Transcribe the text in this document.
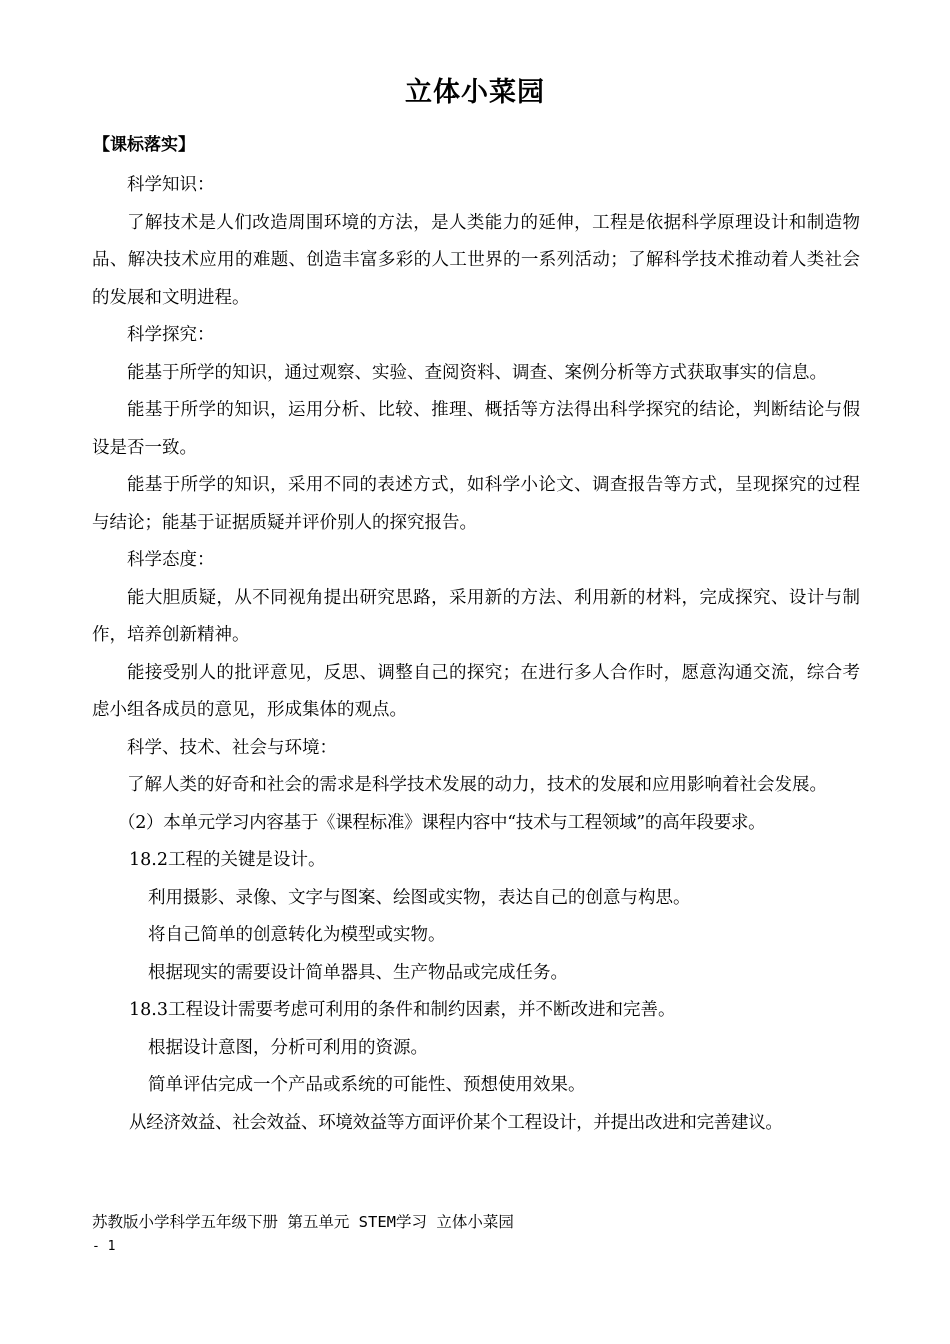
立体小菜园
【课标落实】

科学知识：

了解技术是人们改造周围环境的方法，是人类能力的延伸，工程是依据科学原理设计和制造物品、解决技术应用的难题、创造丰富多彩的人工世界的一系列活动；了解科学技术推动着人类社会的发展和文明进程。

科学探究：

能基于所学的知识，通过观察、实验、查阅资料、调查、案例分析等方式获取事实的信息。

能基于所学的知识，运用分析、比较、推理、概括等方法得出科学探究的结论，判断结论与假设是否一致。

能基于所学的知识，采用不同的表述方式，如科学小论文、调查报告等方式，呈现探究的过程与结论；能基于证据质疑并评价别人的探究报告。

科学态度：

能大胆质疑，从不同视角提出研究思路，采用新的方法、利用新的材料，完成探究、设计与制作，培养创新精神。

能接受别人的批评意见，反思、调整自己的探究；在进行多人合作时，愿意沟通交流，综合考虑小组各成员的意见，形成集体的观点。

科学、技术、社会与环境：

了解人类的好奇和社会的需求是科学技术发展的动力，技术的发展和应用影响着社会发展。

（2）本单元学习内容基于《课程标准》课程内容中“技术与工程领域”的高年段要求。

18.2工程的关键是设计。

利用摄影、录像、文字与图案、绘图或实物，表达自己的创意与构思。

将自己简单的创意转化为模型或实物。

根据现实的需要设计简单器具、生产物品或完成任务。

18.3工程设计需要考虑可利用的条件和制约因素，并不断改进和完善。

根据设计意图，分析可利用的资源。

简单评估完成一个产品或系统的可能性、预想使用效果。

从经济效益、社会效益、环境效益等方面评价某个工程设计，并提出改进和完善建议。

苏教版小学科学五年级下册 第五单元 STEM学习 立体小菜园
- 1
